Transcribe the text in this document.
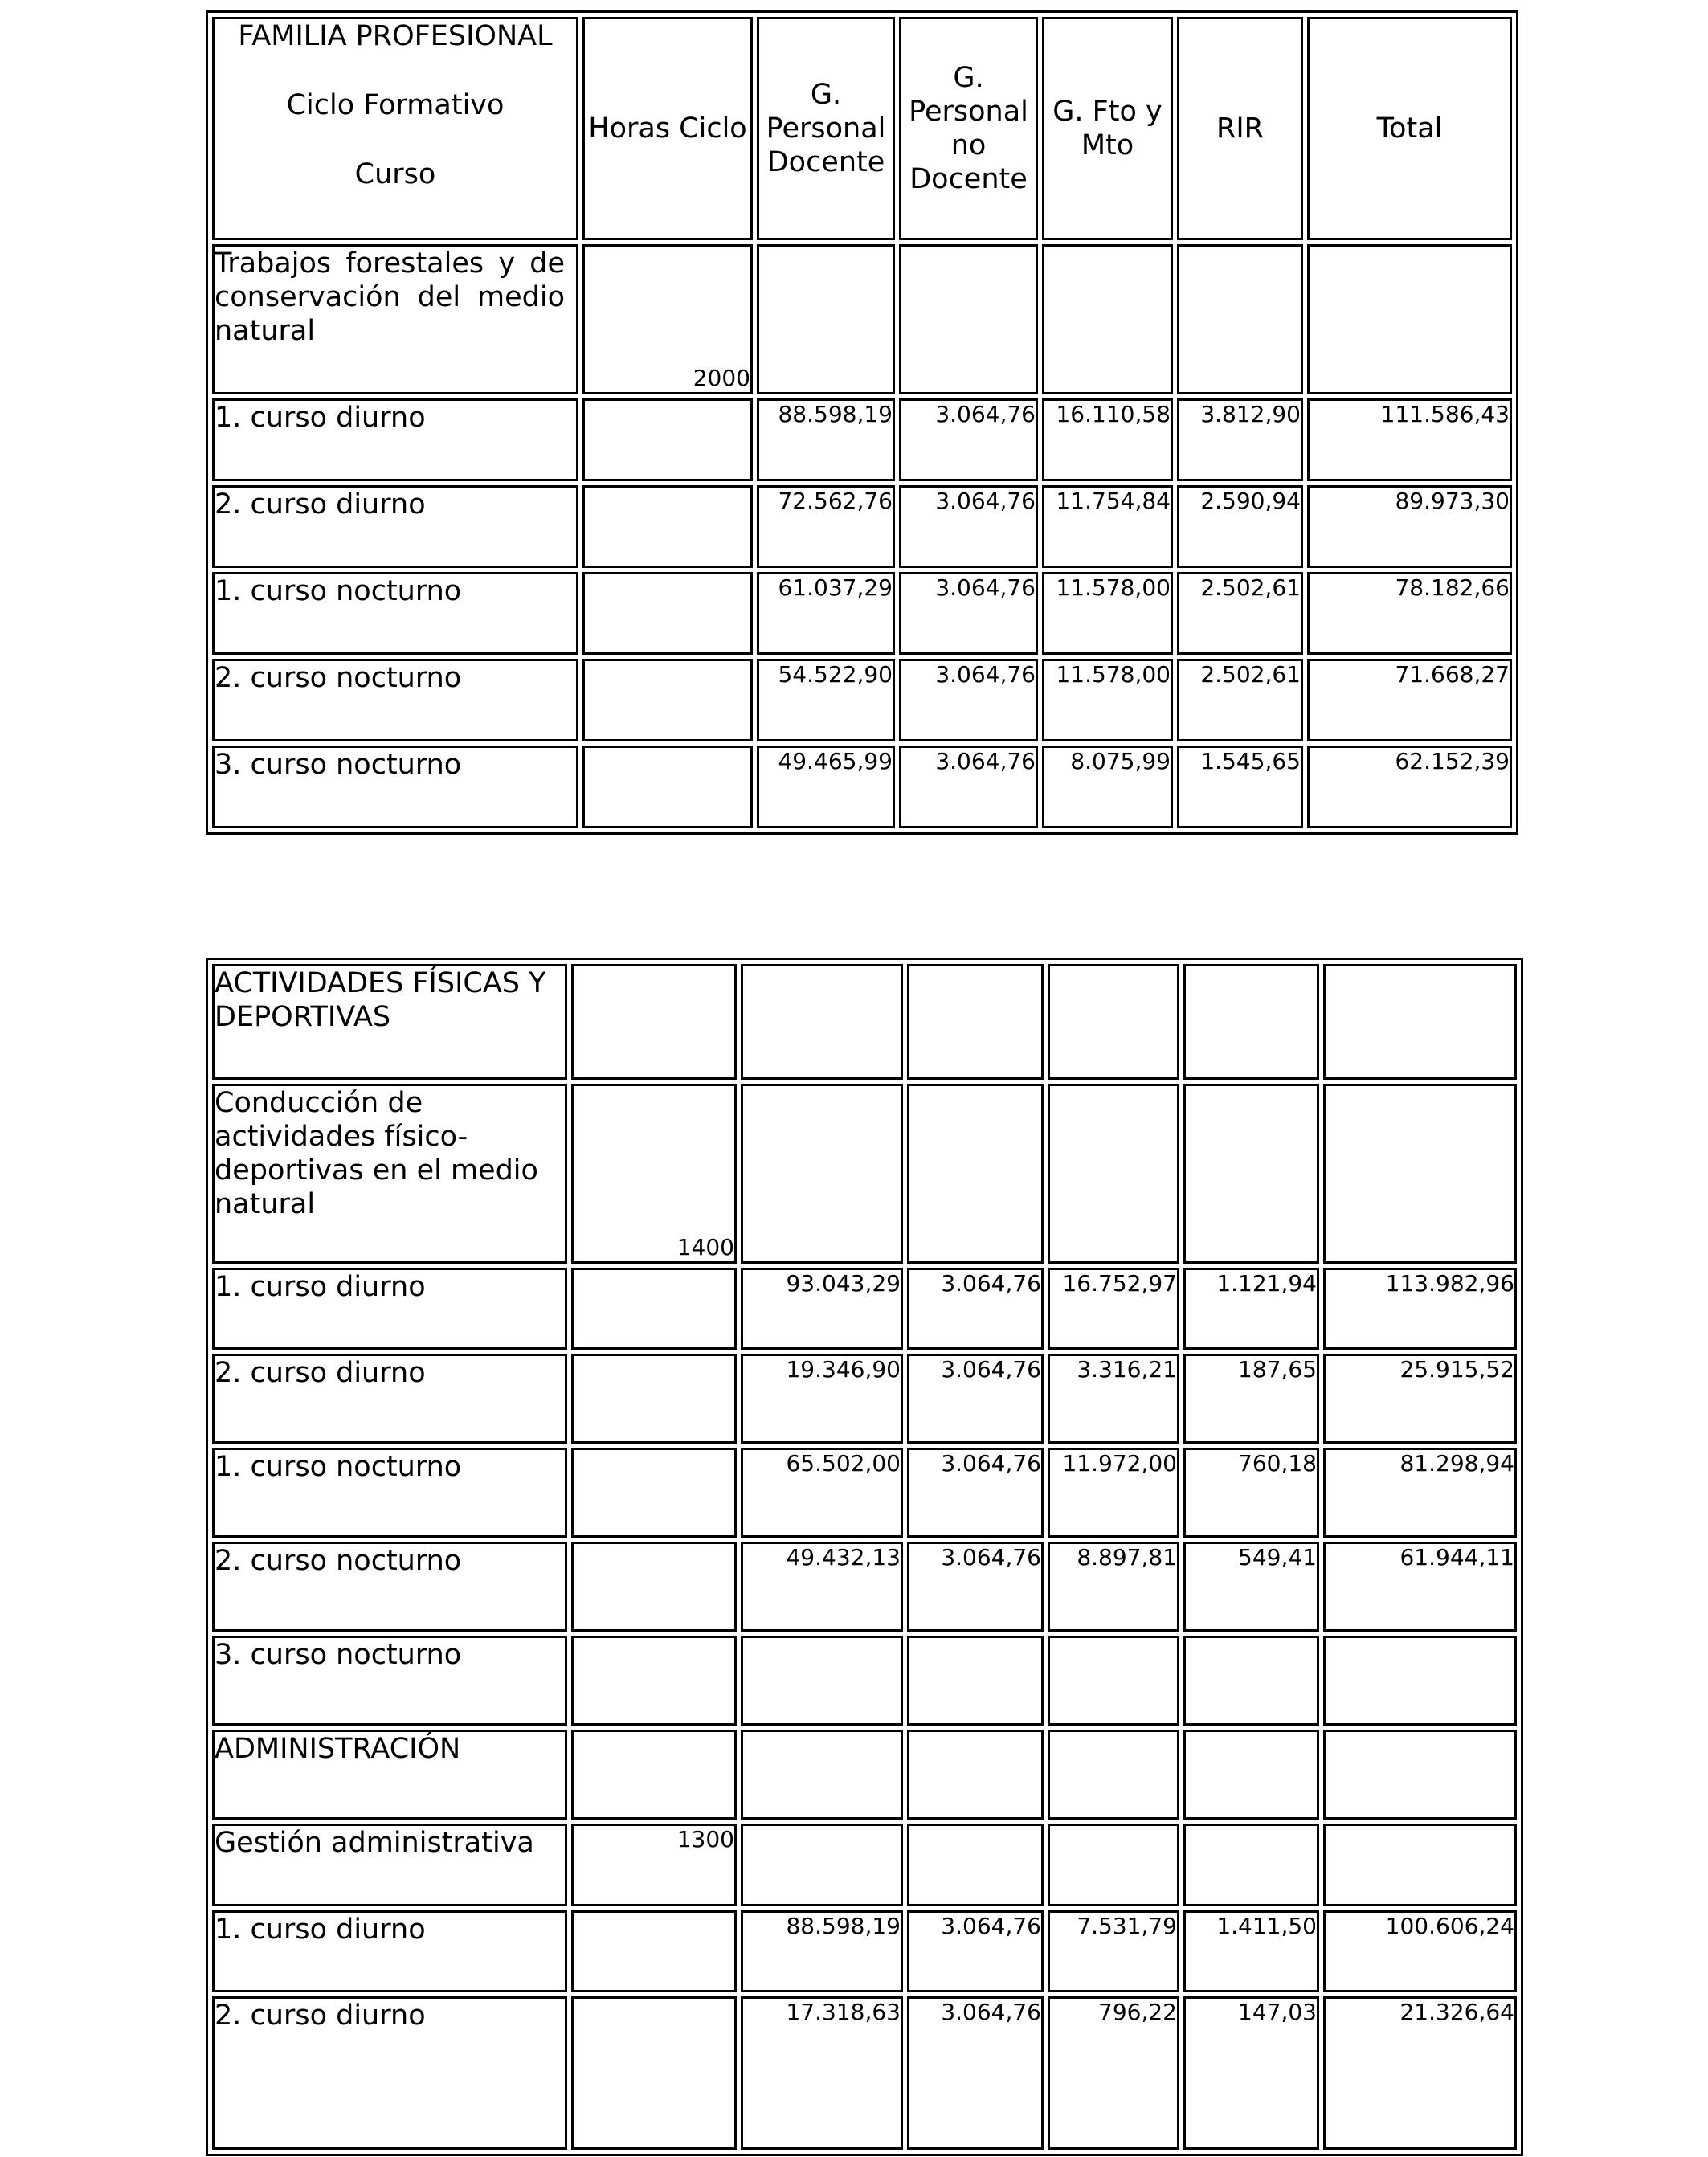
FAMILIA PROFESIONAL
Ciclo Formativo
Curso	Horas Ciclo	G. Personal Docente	G. Personal no Docente	G. Fto y Mto	RIR	Total
Trabajos forestales y de conservación del medio natural	2000					
1. curso diurno		88.598,19	3.064,76	16.110,58	3.812,90	111.586,43
2. curso diurno		72.562,76	3.064,76	11.754,84	2.590,94	89.973,30
1. curso nocturno		61.037,29	3.064,76	11.578,00	2.502,61	78.182,66
2. curso nocturno		54.522,90	3.064,76	11.578,00	2.502,61	71.668,27
3. curso nocturno		49.465,99	3.064,76	8.075,99	1.545,65	62.152,39
ACTIVIDADES FÍSICAS Y DEPORTIVAS						
Conducción de actividades físico-deportivas en el medio natural	1400					
1. curso diurno		93.043,29	3.064,76	16.752,97	1.121,94	113.982,96
2. curso diurno		19.346,90	3.064,76	3.316,21	187,65	25.915,52
1. curso nocturno		65.502,00	3.064,76	11.972,00	760,18	81.298,94
2. curso nocturno		49.432,13	3.064,76	8.897,81	549,41	61.944,11
3. curso nocturno						
ADMINISTRACIÓN						
Gestión administrativa	1300					
1. curso diurno		88.598,19	3.064,76	7.531,79	1.411,50	100.606,24
2. curso diurno		17.318,63	3.064,76	796,22	147,03	21.326,64
